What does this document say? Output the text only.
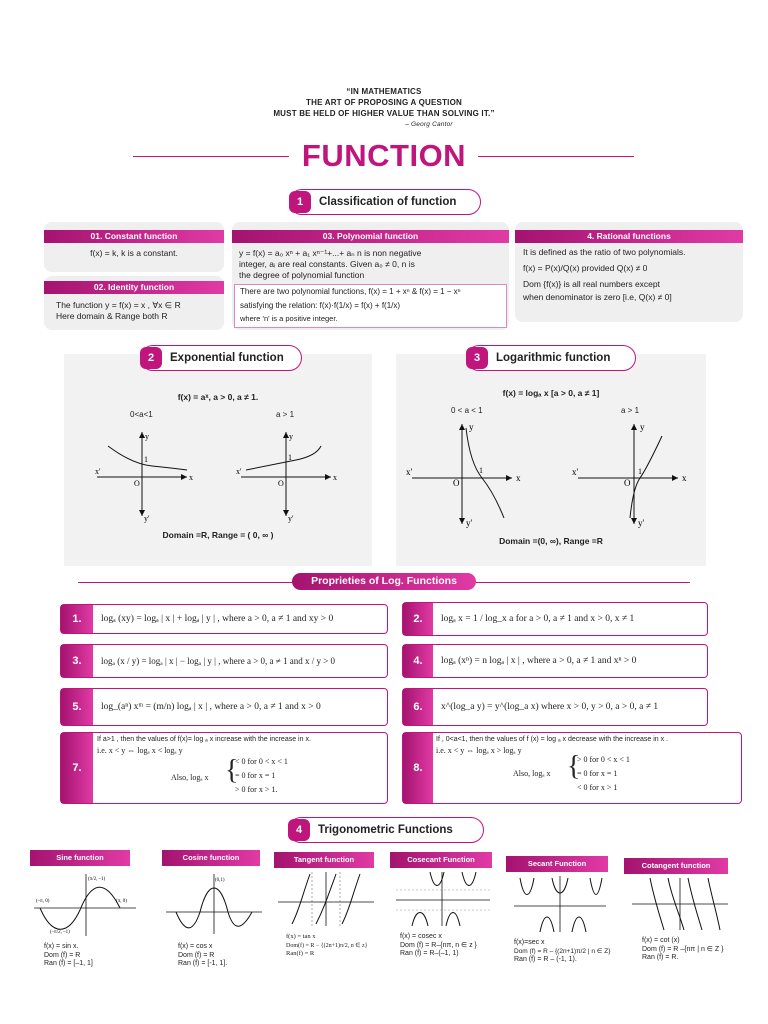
“IN MATHEMATICS
THE ART OF PROPOSING A QUESTION
MUST BE HELD OF HIGHER VALUE THAN SOLVING IT.”
– Georg Cantor
FUNCTION
1	Classification of function
01. Constant function
f(x) = k, k is a constant.
02. Identity function
The function y = f(x) = x , ∀x ∈ R
Here domain & Range both R
03. Polynomial function
y = f(x) = a₀ xⁿ + a₁ xⁿ⁻¹+...+ aₙ n is non negative
integer, aᵢ are real constants. Given a₀ ≠ 0, n is
the degree of polynomial function
There are two polynomial functions, f(x) = 1 + xⁿ & f(x) = 1 − xⁿ
satisfying the relation: f(x)·f(1/x) = f(x) + f(1/x)
where 'n' is a positive integer.
4. Rational functions
It is defined as the ratio of two polynomials.
f(x) = P(x)/Q(x) provided Q(x) ≠ 0
Dom {f(x)} is all real numbers except
when denominator is zero [i.e, Q(x) ≠ 0]
2	Exponential function
f(x) = aˣ, a > 0, a ≠ 1.
0<a<1	a > 1
x'
x
y
y'
1
O
x'
x
y
y'
1
O
Domain =R, Range = ( 0, ∞ )
3	Logarithmic function
f(x) = logₐ x [a > 0, a ≠ 1]
0 < a < 1	a > 1
x'
x
y
y'
1
O
x'
x
y
y'
1
O
Domain =(0, ∞), Range =R
Proprieties of Log. Functions
1.	logₐ (xy) = logₐ | x | + logₐ | y | , where a > 0, a ≠ 1 and xy > 0	2.	logₐ x = 1 / log_x a for a > 0, a ≠ 1 and x > 0, x ≠ 1
3.	logₐ (x / y) = logₐ | x | − logₐ | y | , where a > 0, a ≠ 1 and x / y > 0	4.	logₐ (xⁿ) = n logₐ | x | , where a > 0, a ≠ 1 and xⁿ > 0
5.	log_(aⁿ) xᵐ = (m/n) logₐ | x | , where a > 0, a ≠ 1 and x > 0	6.	x^(log_a y) = y^(log_a x) where x > 0, y > 0, a > 0, a ≠ 1
7.
If a>1 , then the values of f(x)= log ₐ x increase with the increase in x.
i.e. x < y ⇔ logₐ x < logₐ y
Also, logₐ x {
< 0 for 0 < x < 1
= 0 for x = 1
> 0 for x > 1.
8.
If , 0<a<1, then the values of f (x) = log ₐ x decrease with the increase in x .
i.e. x < y ⇔ logₐ x > logₐ y
Also, logₐ x {
> 0 for 0 < x < 1
= 0 for x = 1
< 0 for x > 1
4	Trigonometric Functions
Sine function
(π/2, –1)
(–π, 0)	(π, 0)
(–π/2, –1)
f(x) = sin x.
Dom (f) = R
Ran (f) = [–1, 1]
Cosine function
(0,1)
f(x) = cos x
Dom (f) = R
Ran (f) = [-1, 1].
Tangent function
f(x) = tan x
Dom(f) = R − {(2n+1)π/2, n ∈ z}
Ran(f) = R
Cosecant Function
f(x) = cosec x
Dom (f) = R–{nπ, n ∈ z }
Ran (f) = R–(–1, 1)
Secant Function
f(x)=sec x
Dom (f) = R – {(2n+1)π/2 | n ∈ Z}
Ran (f) = R – (-1, 1).
Cotangent function
f(x) = cot (x)
Dom (f) = R –{nπ | n ∈ Z }
Ran (f) = R.
